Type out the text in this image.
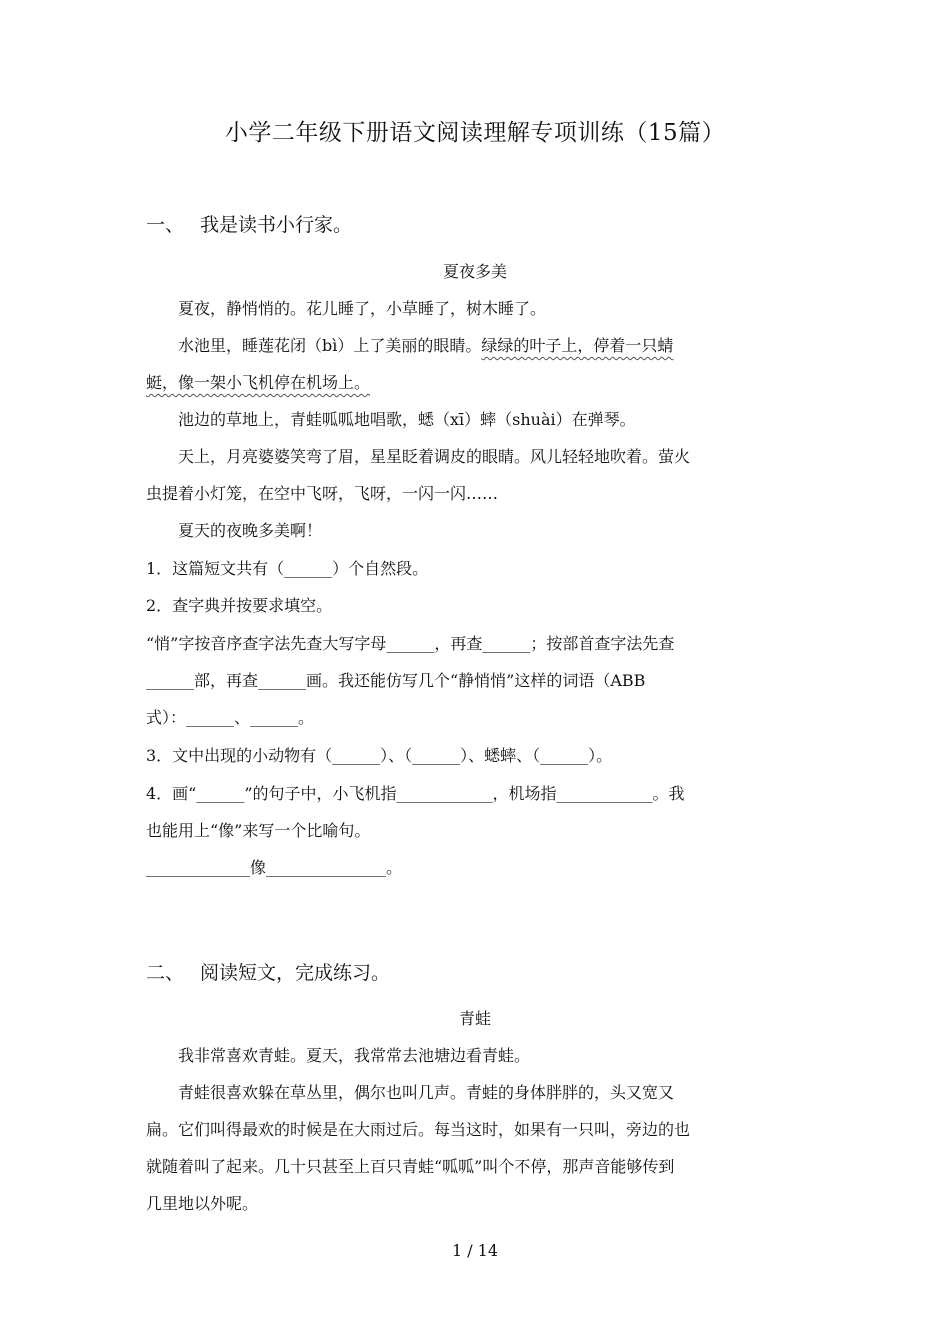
小学二年级下册语文阅读理解专项训练（15篇）
一、 我是读书小行家。
夏夜多美
夏夜，静悄悄的。花儿睡了，小草睡了，树木睡了。
水池里，睡莲花闭（bì）上了美丽的眼睛。绿绿的叶子上，停着一只蜻
蜓，像一架小飞机停在机场上。
池边的草地上，青蛙呱呱地唱歌，蟋（xī）蟀（shuài）在弹琴。
天上，月亮婆婆笑弯了眉，星星眨着调皮的眼睛。风儿轻轻地吹着。萤火
虫提着小灯笼，在空中飞呀，飞呀，一闪一闪……
夏天的夜晚多美啊！
1．这篇短文共有（______）个自然段。
2．查字典并按要求填空。
“悄”字按音序查字法先查大写字母______，再查______；按部首查字法先查
______部，再查______画。我还能仿写几个“静悄悄”这样的词语（ABB
式）：______、______。
3．文中出现的小动物有（______）、（______）、蟋蟀、（______）。
4．画“______”的句子中，小飞机指____________，机场指____________。我
也能用上“像”来写一个比喻句。
_____________像_______________。
二、 阅读短文，完成练习。
青蛙
我非常喜欢青蛙。夏天，我常常去池塘边看青蛙。
青蛙很喜欢躲在草丛里，偶尔也叫几声。青蛙的身体胖胖的，头又宽又
扁。它们叫得最欢的时候是在大雨过后。每当这时，如果有一只叫，旁边的也
就随着叫了起来。几十只甚至上百只青蛙“呱呱”叫个不停，那声音能够传到
几里地以外呢。
1 / 14
